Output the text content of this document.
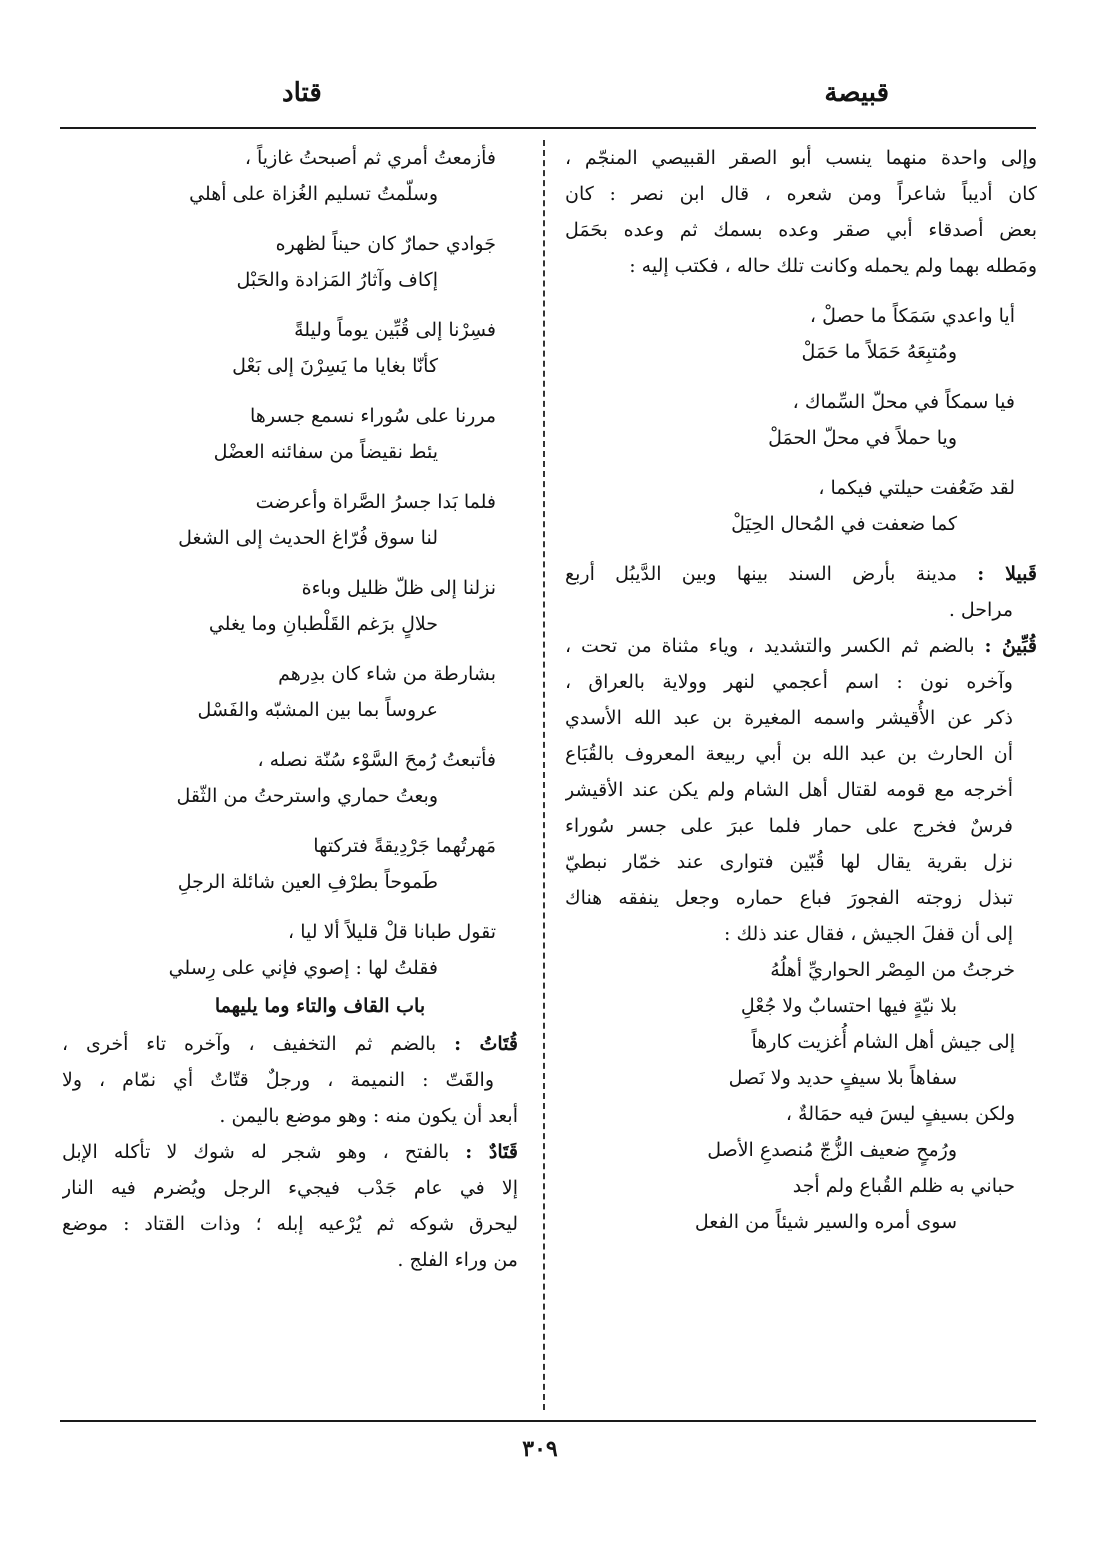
قبيصة
قتاد
وإلى واحدة منهما ينسب أبو الصقر القبيصي المنجّم ،
كان أديباً شاعراً ومن شعره ، قال ابن نصر : كان
بعض أصدقاء أبي صقر وعده بسمك ثم وعده بحَمَل
ومَطله بهما ولم يحمله وكانت تلك حاله ، فكتب إليه :
أيا واعدي سَمَكاً ما حصلْ ،
ومُتبِعَهُ حَمَلاً ما حَمَلْ
فيا سمكاً في محلّ السِّماك ،
ويا حملاً في محلّ الحمَلْ
لقد ضَعُفت حيلتي فيكما ،
كما ضعفت في المُحال الحِيَلْ
قَبيلا : مدينة بأرض السند بينها وبين الدَّيبُل أربع
مراحل .
قُبِّينُ : بالضم ثم الكسر والتشديد ، وياء مثناة من تحت ،
وآخره نون : اسم أعجمي لنهر وولاية بالعراق ،
ذكر عن الأُقيشر واسمه المغيرة بن عبد الله الأسدي
أن الحارث بن عبد الله بن أبي ربيعة المعروف بالقُبَاع
أخرجه مع قومه لقتال أهل الشام ولم يكن عند الأقيشر
فرسٌ فخرج على حمار فلما عبرَ على جسر سُوراء
نزل بقرية يقال لها قُبّين فتوارى عند خمّار نبطيّ
تبذل زوجته الفجورَ فباع حماره وجعل ينفقه هناك
إلى أن قفلَ الجيش ، فقال عند ذلك :
خرجتُ من المِصْر الحواريِّ أهلُهُ
بلا نيّةٍ فيها احتسابٌ ولا جُعْلِ
إلى جيش أهل الشام أُغزيت كارهاً
سفاهاً بلا سيفٍ حديد ولا نَصل
ولكن بسيفٍ ليسَ فيه حمَالةٌ ،
ورُمحٍ ضعيف الزُّجّ مُنصدعِ الأصل
حباني به ظلم القُباع ولم أجد
سوى أمره والسير شيئاً من الفعل
فأزمعتُ أمري ثم أصبحتُ غازياً ،
وسلّمتُ تسليم الغُزاة على أهلي
جَوادي حمارٌ كان حيناً لظهره
إكاف وآثارُ المَزادة والحَبْل
فسِرْنا إلى قُبِّين يوماً وليلةً
كأنّا بغايا ما يَسِرْنَ إلى بَعْل
مررنا على سُوراء نسمع جسرها
يئط نقيضاً من سفائنه العضْل
فلما بَدا جسرُ الصَّراة وأعرضت
لنا سوق فُرّاغ الحديث إلى الشغل
نزلنا إلى ظلّ ظليل وباءة
حلالٍ برَغم القَلْطبانِ وما يغلي
بشارطة من شاء كان بدِرهم
عروساً بما بين المشبّه والفَسْل
فأتبعتُ رُمحَ السَّوْء سُنّة نصله ،
وبعتُ حماري واسترحتُ من الثّقل
مَهرتُهما جَرْدِيقةً فتركتها
طَموحاً بطرْفِ العين شائلة الرجلِ
تقول طبانا قلْ قليلاً ألا ليا ،
فقلتُ لها : إصوي فإني على رِسلي
باب القاف والتاء وما يليهما
قُتَاتُ : بالضم ثم التخفيف ، وآخره تاء أخرى ،
والقَتّ : النميمة ، ورجلٌ قتّاتٌ أي نمّام ، ولا
أبعد أن يكون منه : وهو موضع باليمن .
قَتَادٌ : بالفتح ، وهو شجر له شوك لا تأكله الإبل
إلا في عام جَدْب فيجيء الرجل ويُضرم فيه النار
ليحرق شوكه ثم يُرْعيه إبله ؛ وذات القتاد : موضع
من وراء الفلج .
٣٠٩
